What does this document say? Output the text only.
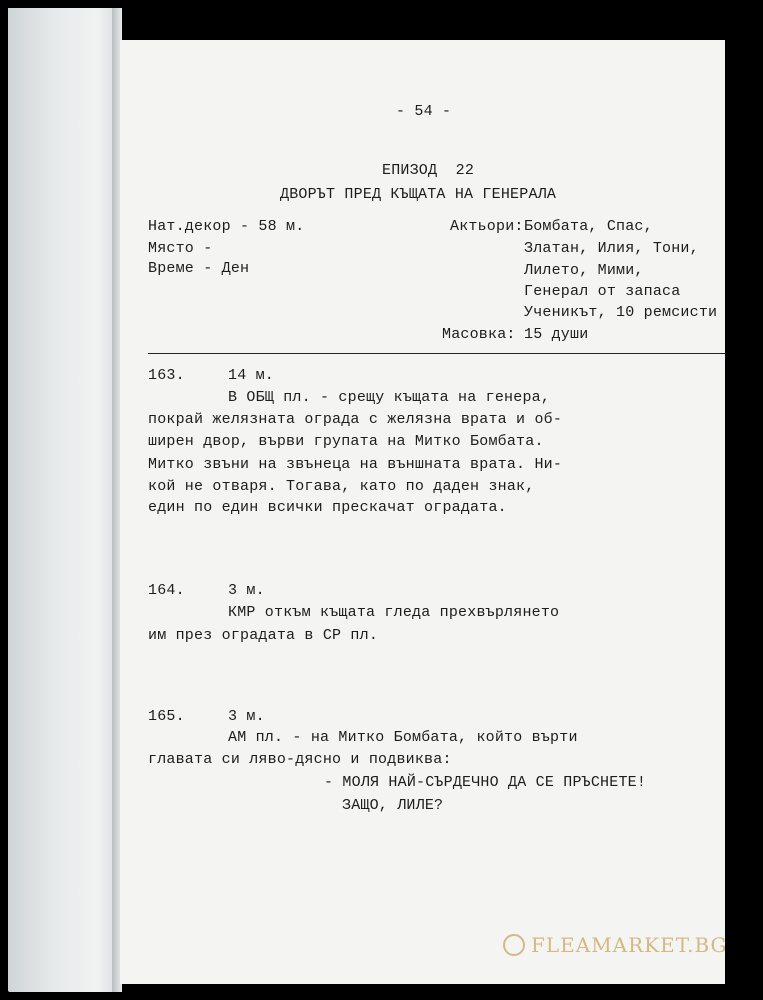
- 54 -
ЕПИЗОД  22
ДВОРЪТ ПРЕД КЪЩАТА НА ГЕНЕРАЛА
Нат.декор - 58 м.
Място -
Време - Ден
Актьори: Бомбата, Спас,
Златан, Илия, Тони,
Лилето, Мими,
Генерал от запаса
Ученикът, 10 ремсисти
Масовка: 15 души
163.	14 м.
В ОБЩ пл. - срещу къщата на генера,
покрай желязната ограда с желязна врата и об-
ширен двор, върви групата на Митко Бомбата.
Митко звъни на звънеца на външната врата. Ни-
кой не отваря. Тогава, като по даден знак,
един по един всички прескачат оградата.
164.	3 м.
КМР откъм къщата гледа прехвърлянето
им през оградата в СР пл.
165.	3 м.
АМ пл. - на Митко Бомбата, който върти
главата си ляво-дясно и подвиква:
- МОЛЯ НАЙ-СЪРДЕЧНО ДА СЕ ПРЪСНЕТЕ!
ЗАЩО, ЛИЛЕ?
FLEAMARKET.BG
